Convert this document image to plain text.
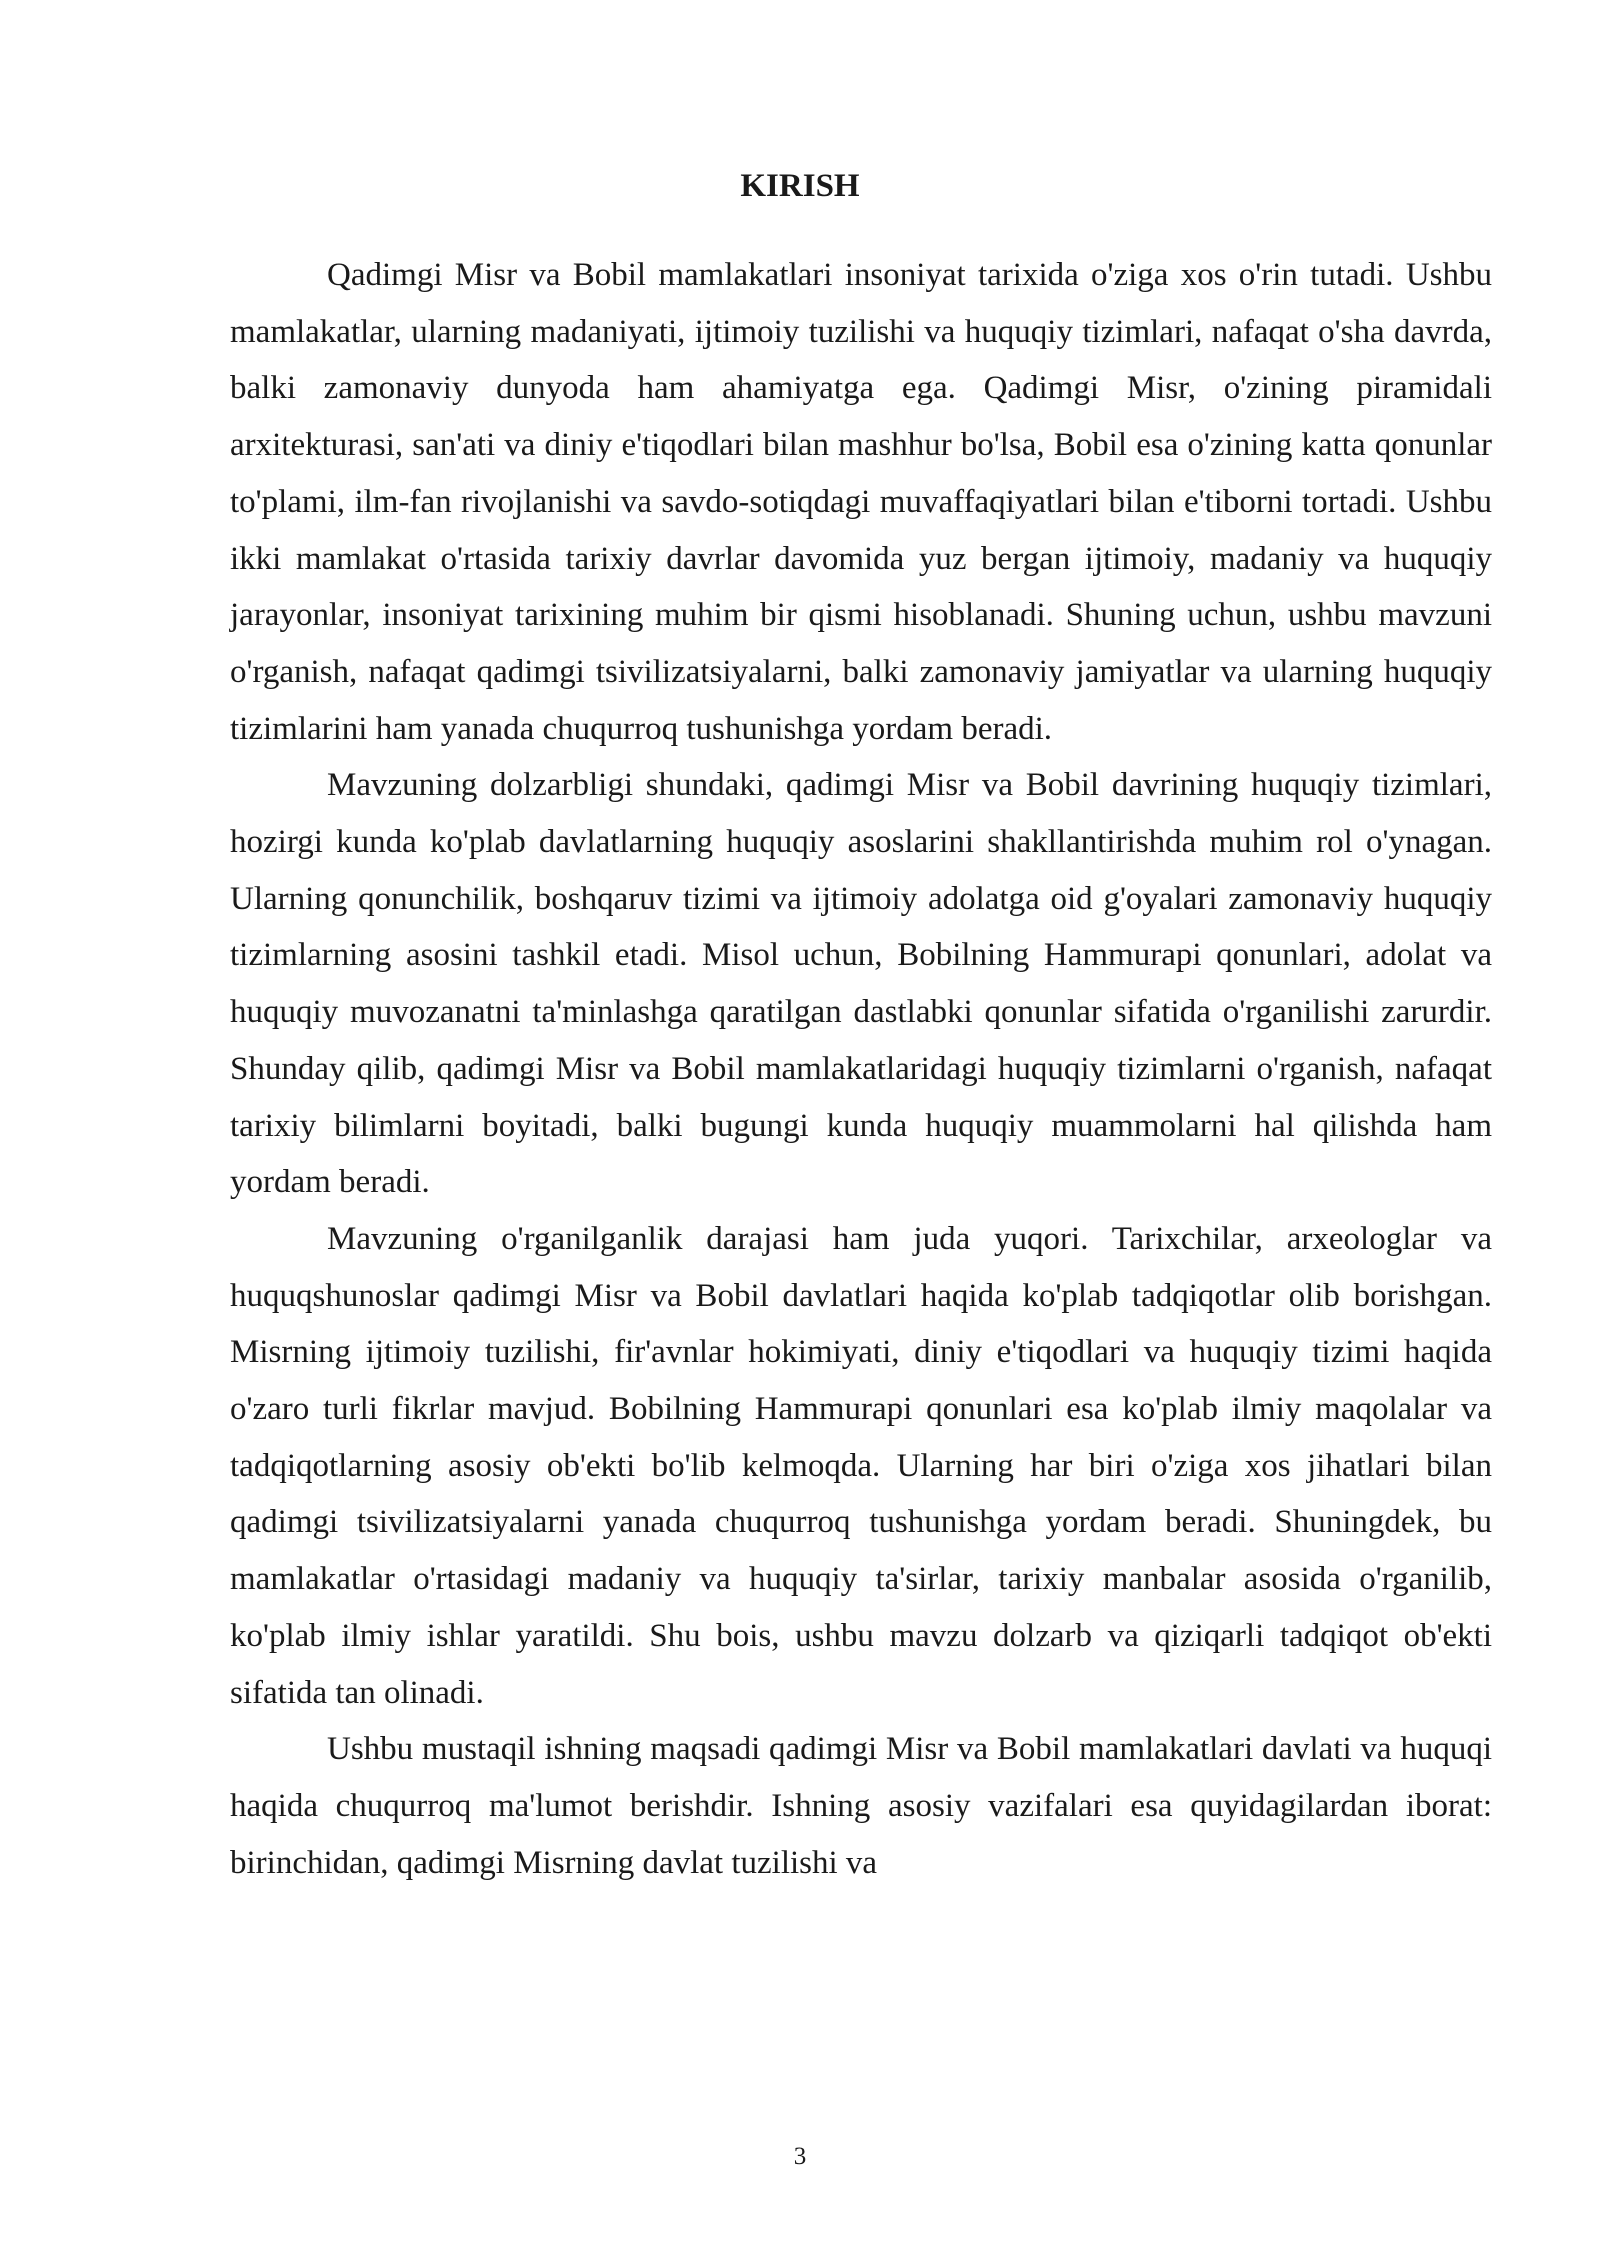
KIRISH

Qadimgi Misr va Bobil mamlakatlari insoniyat tarixida o'ziga xos o'rin tutadi. Ushbu mamlakatlar, ularning madaniyati, ijtimoiy tuzilishi va huquqiy tizimlari, nafaqat o'sha davrda, balki zamonaviy dunyoda ham ahamiyatga ega. Qadimgi Misr, o'zining piramidali arxitekturasi, san'ati va diniy e'tiqodlari bilan mashhur bo'lsa, Bobil esa o'zining katta qonunlar to'plami, ilm-fan rivojlanishi va savdo-sotiqdagi muvaffaqiyatlari bilan e'tiborni tortadi. Ushbu ikki mamlakat o'rtasida tarixiy davrlar davomida yuz bergan ijtimoiy, madaniy va huquqiy jarayonlar, insoniyat tarixining muhim bir qismi hisoblanadi. Shuning uchun, ushbu mavzuni o'rganish, nafaqat qadimgi tsivilizatsiyalarni, balki zamonaviy jamiyatlar va ularning huquqiy tizimlarini ham yanada chuqurroq tushunishga yordam beradi.

Mavzuning dolzarbligi shundaki, qadimgi Misr va Bobil davrining huquqiy tizimlari, hozirgi kunda ko'plab davlatlarning huquqiy asoslarini shakllantirishda muhim rol o'ynagan. Ularning qonunchilik, boshqaruv tizimi va ijtimoiy adolatga oid g'oyalari zamonaviy huquqiy tizimlarning asosini tashkil etadi. Misol uchun, Bobilning Hammurapi qonunlari, adolat va huquqiy muvozanatni ta'minlashga qaratilgan dastlabki qonunlar sifatida o'rganilishi zarurdir. Shunday qilib, qadimgi Misr va Bobil mamlakatlaridagi huquqiy tizimlarni o'rganish, nafaqat tarixiy bilimlarni boyitadi, balki bugungi kunda huquqiy muammolarni hal qilishda ham yordam beradi.

Mavzuning o'rganilganlik darajasi ham juda yuqori. Tarixchilar, arxeologlar va huquqshunoslar qadimgi Misr va Bobil davlatlari haqida ko'plab tadqiqotlar olib borishgan. Misrning ijtimoiy tuzilishi, fir'avnlar hokimiyati, diniy e'tiqodlari va huquqiy tizimi haqida o'zaro turli fikrlar mavjud. Bobilning Hammurapi qonunlari esa ko'plab ilmiy maqolalar va tadqiqotlarning asosiy ob'ekti bo'lib kelmoqda. Ularning har biri o'ziga xos jihatlari bilan qadimgi tsivilizatsiyalarni yanada chuqurroq tushunishga yordam beradi. Shuningdek, bu mamlakatlar o'rtasidagi madaniy va huquqiy ta'sirlar, tarixiy manbalar asosida o'rganilib, ko'plab ilmiy ishlar yaratildi. Shu bois, ushbu mavzu dolzarb va qiziqarli tadqiqot ob'ekti sifatida tan olinadi.

Ushbu mustaqil ishning maqsadi qadimgi Misr va Bobil mamlakatlari davlati va huquqi haqida chuqurroq ma'lumot berishdir. Ishning asosiy vazifalari esa quyidagilardan iborat: birinchidan, qadimgi Misrning davlat tuzilishi va

3
